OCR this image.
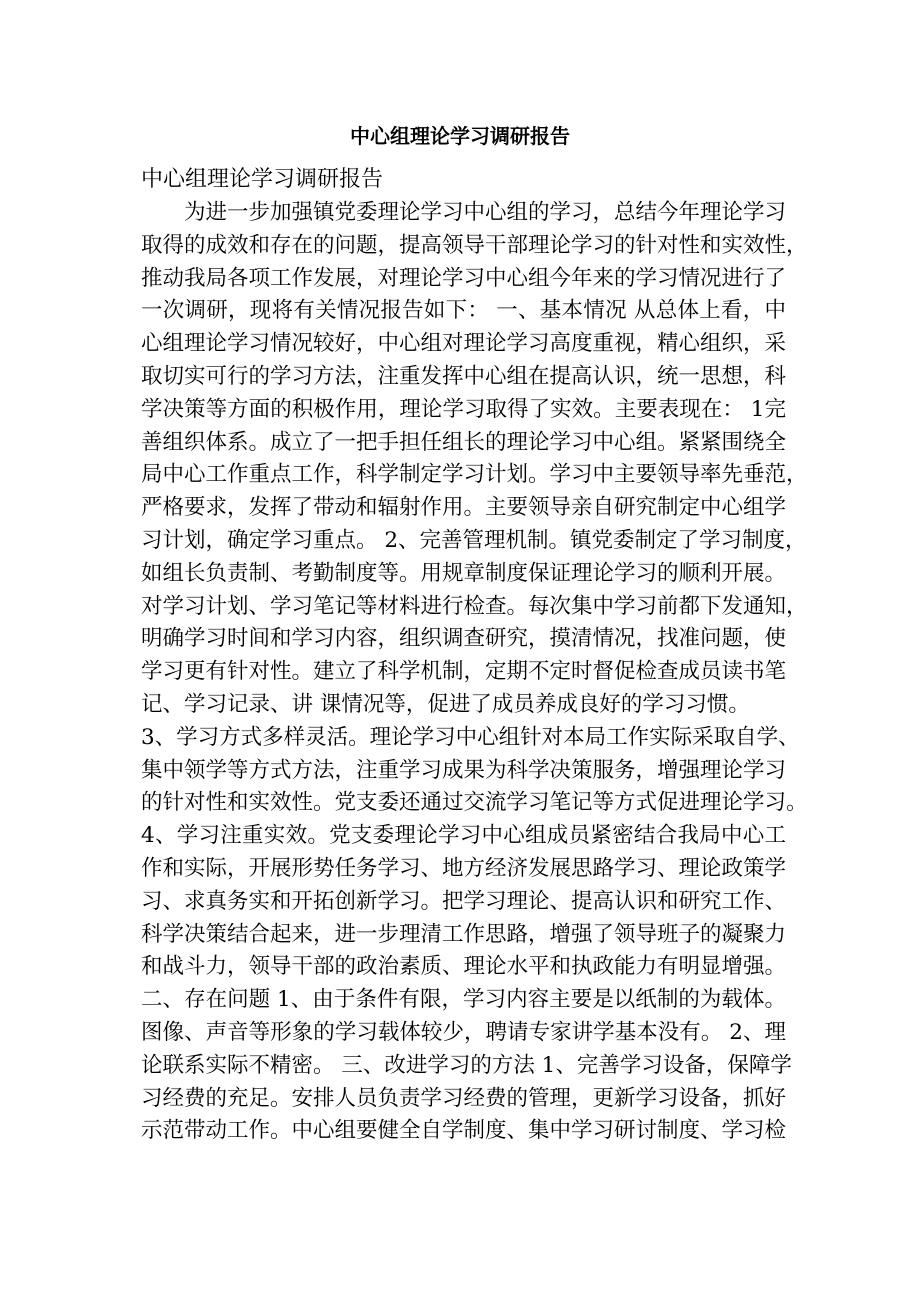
中心组理论学习调研报告
中心组理论学习调研报告
为进一步加强镇党委理论学习中心组的学习，总结今年理论学习
取得的成效和存在的问题，提高领导干部理论学习的针对性和实效性，
推动我局各项工作发展，对理论学习中心组今年来的学习情况进行了
一次调研，现将有关情况报告如下： 一、基本情况 从总体上看，中
心组理论学习情况较好，中心组对理论学习高度重视，精心组织，采
取切实可行的学习方法，注重发挥中心组在提高认识，统一思想，科
学决策等方面的积极作用，理论学习取得了实效。主要表现在： 1完
善组织体系。成立了一把手担任组长的理论学习中心组。紧紧围绕全
局中心工作重点工作，科学制定学习计划。学习中主要领导率先垂范，
严格要求，发挥了带动和辐射作用。主要领导亲自研究制定中心组学
习计划，确定学习重点。 2、完善管理机制。镇党委制定了学习制度，
如组长负责制、考勤制度等。用规章制度保证理论学习的顺利开展。
对学习计划、学习笔记等材料进行检查。每次集中学习前都下发通知，
明确学习时间和学习内容，组织调查研究，摸清情况，找准问题，使
学习更有针对性。建立了科学机制，定期不定时督促检查成员读书笔
记、学习记录、讲 课情况等，促进了成员养成良好的学习习惯。
3、学习方式多样灵活。理论学习中心组针对本局工作实际采取自学、
集中领学等方式方法，注重学习成果为科学决策服务，增强理论学习
的针对性和实效性。党支委还通过交流学习笔记等方式促进理论学习。
4、学习注重实效。党支委理论学习中心组成员紧密结合我局中心工
作和实际，开展形势任务学习、地方经济发展思路学习、理论政策学
习、求真务实和开拓创新学习。把学习理论、提高认识和研究工作、
科学决策结合起来，进一步理清工作思路，增强了领导班子的凝聚力
和战斗力，领导干部的政治素质、理论水平和执政能力有明显增强。
二、存在问题 1、由于条件有限，学习内容主要是以纸制的为载体。
图像、声音等形象的学习载体较少，聘请专家讲学基本没有。 2、理
论联系实际不精密。 三、改进学习的方法 1、完善学习设备，保障学
习经费的充足。安排人员负责学习经费的管理，更新学习设备，抓好
示范带动工作。中心组要健全自学制度、集中学习研讨制度、学习检
